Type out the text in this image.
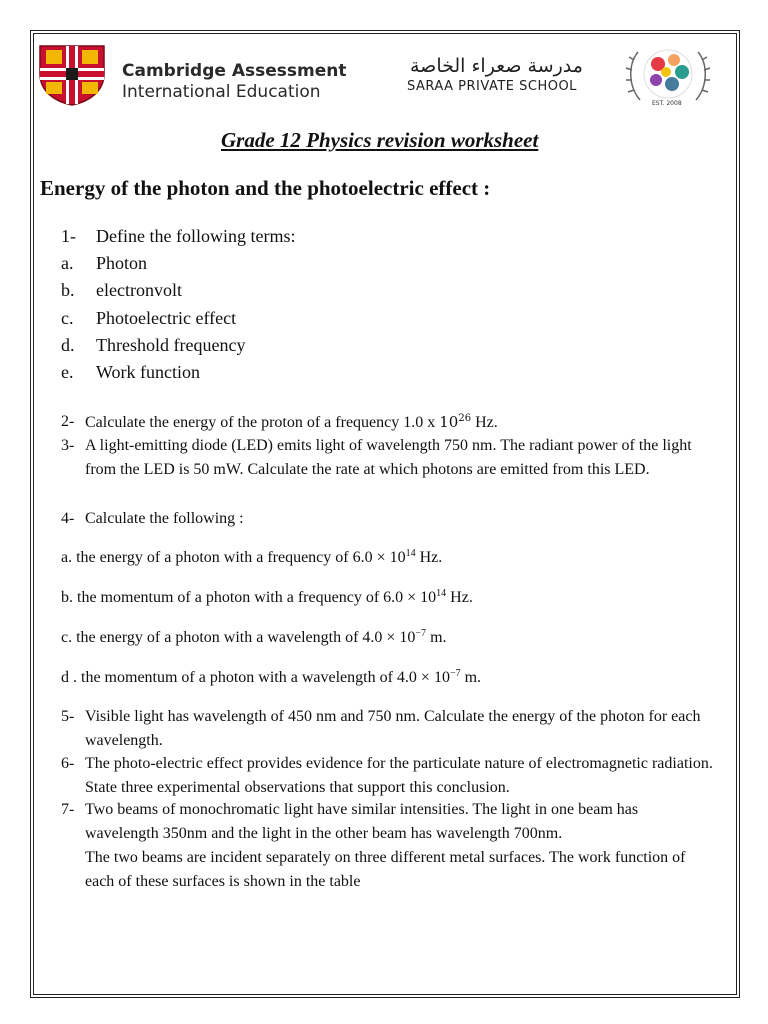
Cambridge Assessment
International Education
مدرسة صعراء الخاصة
SARAA PRIVATE SCHOOL
EST. 2008
Grade 12 Physics revision worksheet
Energy of the photon and the photoelectric effect :
1- Define the following terms:
a. Photon
b. electronvolt
c. Photoelectric effect
d. Threshold frequency
e. Work function
2- Calculate the energy of the proton of a frequency 1.0 x $10^{26}$ Hz.
3- A light-emitting diode (LED) emits light of wavelength 750 nm. The radiant power of the light from the LED is 50 mW. Calculate the rate at which photons are emitted from this LED.
4- Calculate the following :
a. the energy of a photon with a frequency of $6.0 \times 10^{14}$ Hz.
b. the momentum of a photon with a frequency of $6.0 \times 10^{14}$ Hz.
c. the energy of a photon with a wavelength of $4.0 \times 10^{-7}$ m.
d . the momentum of a photon with a wavelength of $4.0 \times 10^{-7}$ m.
5- Visible light has wavelength of 450 nm and 750 nm. Calculate the energy of the photon for each wavelength.
6- The photo-electric effect provides evidence for the particulate nature of electromagnetic radiation. State three experimental observations that support this conclusion.
7- Two beams of monochromatic light have similar intensities. The light in one beam has wavelength 350nm and the light in the other beam has wavelength 700nm.
The two beams are incident separately on three different metal surfaces. The work function of each of these surfaces is shown in the table
